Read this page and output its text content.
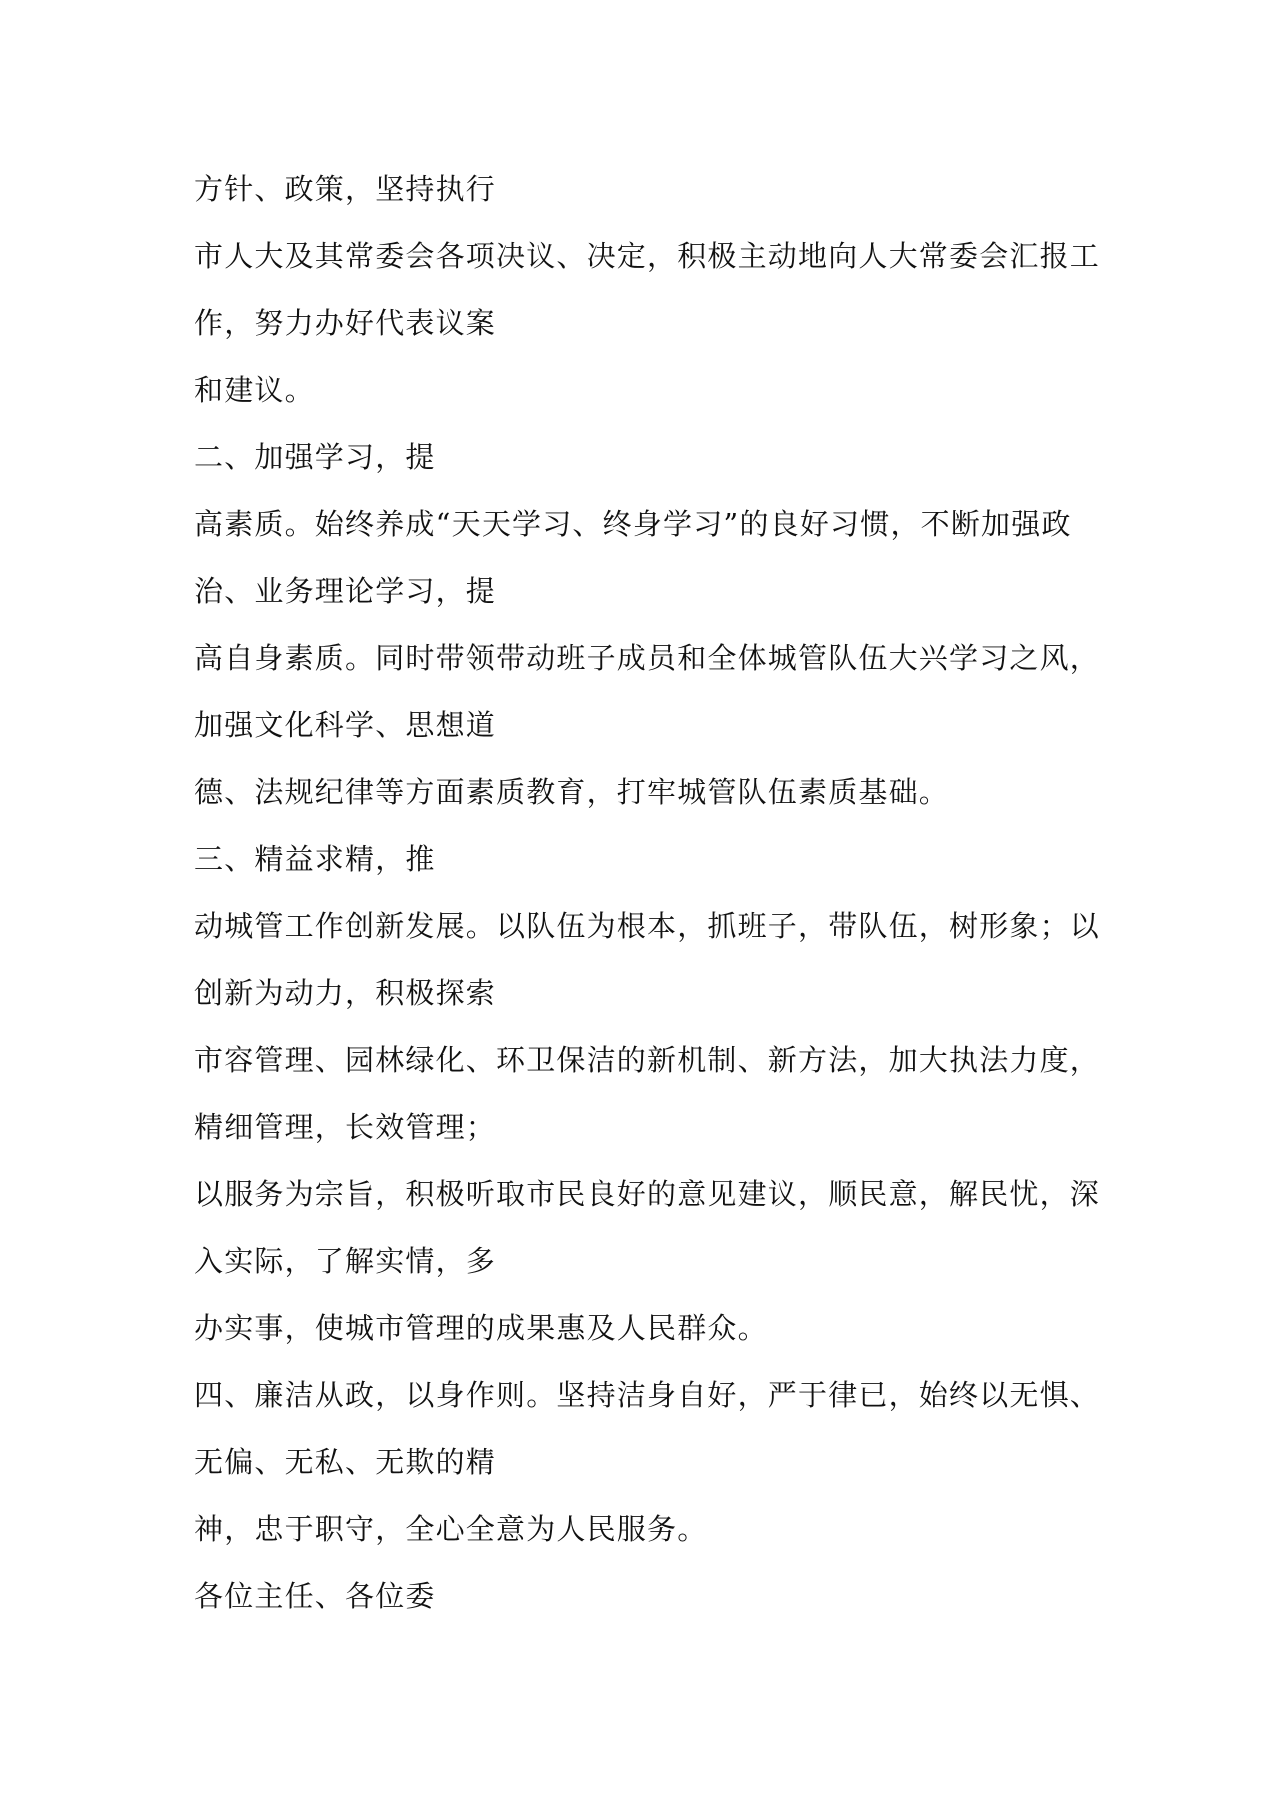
方针、政策，坚持执行

市人大及其常委会各项决议、决定，积极主动地向人大常委会汇报工

作，努力办好代表议案

和建议。

二、加强学习，提

高素质。始终养成“天天学习、终身学习”的良好习惯，不断加强政

治、业务理论学习，提

高自身素质。同时带领带动班子成员和全体城管队伍大兴学习之风，

加强文化科学、思想道

德、法规纪律等方面素质教育，打牢城管队伍素质基础。

三、精益求精，推

动城管工作创新发展。以队伍为根本，抓班子，带队伍，树形象；以

创新为动力，积极探索

市容管理、园林绿化、环卫保洁的新机制、新方法，加大执法力度，

精细管理，长效管理；

以服务为宗旨，积极听取市民良好的意见建议，顺民意，解民忧，深

入实际，了解实情，多

办实事，使城市管理的成果惠及人民群众。

四、廉洁从政，以身作则。坚持洁身自好，严于律已，始终以无惧、

无偏、无私、无欺的精

神，忠于职守，全心全意为人民服务。

各位主任、各位委
